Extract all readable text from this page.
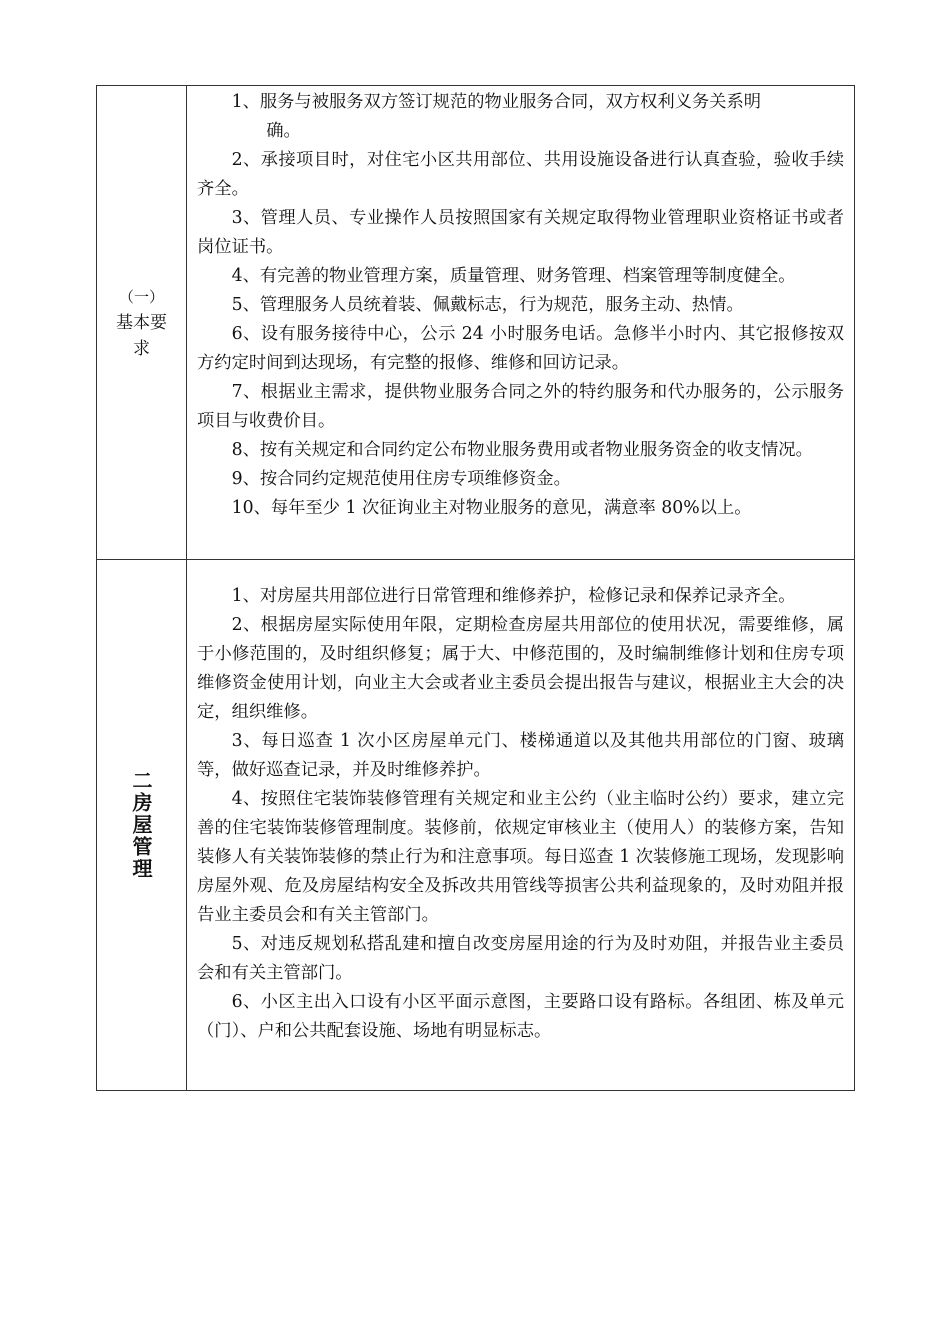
（一）
基本要
求

1、服务与被服务双方签订规范的物业服务合同，双方权利义务关系明
确。

2、承接项目时，对住宅小区共用部位、共用设施设备进行认真查验，验收手续齐全。

3、管理人员、专业操作人员按照国家有关规定取得物业管理职业资格证书或者岗位证书。

4、有完善的物业管理方案，质量管理、财务管理、档案管理等制度健全。

5、管理服务人员统着装、佩戴标志，行为规范，服务主动、热情。

6、设有服务接待中心，公示 24 小时服务电话。急修半小时内、其它报修按双方约定时间到达现场，有完整的报修、维修和回访记录。

7、根据业主需求，提供物业服务合同之外的特约服务和代办服务的，公示服务项目与收费价目。

8、按有关规定和合同约定公布物业服务费用或者物业服务资金的收支情况。

9、按合同约定规范使用住房专项维修资金。

10、每年至少 1 次征询业主对物业服务的意见，满意率 80%以上。

二房屋管理

1、对房屋共用部位进行日常管理和维修养护，检修记录和保养记录齐全。

2、根据房屋实际使用年限，定期检查房屋共用部位的使用状况，需要维修，属于小修范围的，及时组织修复；属于大、中修范围的，及时编制维修计划和住房专项维修资金使用计划，向业主大会或者业主委员会提出报告与建议，根据业主大会的决定，组织维修。

3、每日巡查 1 次小区房屋单元门、楼梯通道以及其他共用部位的门窗、玻璃等，做好巡查记录，并及时维修养护。

4、按照住宅装饰装修管理有关规定和业主公约（业主临时公约）要求，建立完善的住宅装饰装修管理制度。装修前，依规定审核业主（使用人）的装修方案，告知装修人有关装饰装修的禁止行为和注意事项。每日巡查 1 次装修施工现场，发现影响房屋外观、危及房屋结构安全及拆改共用管线等损害公共利益现象的，及时劝阻并报告业主委员会和有关主管部门。

5、对违反规划私搭乱建和擅自改变房屋用途的行为及时劝阻，并报告业主委员会和有关主管部门。

6、小区主出入口设有小区平面示意图，主要路口设有路标。各组团、栋及单元（门）、户和公共配套设施、场地有明显标志。
